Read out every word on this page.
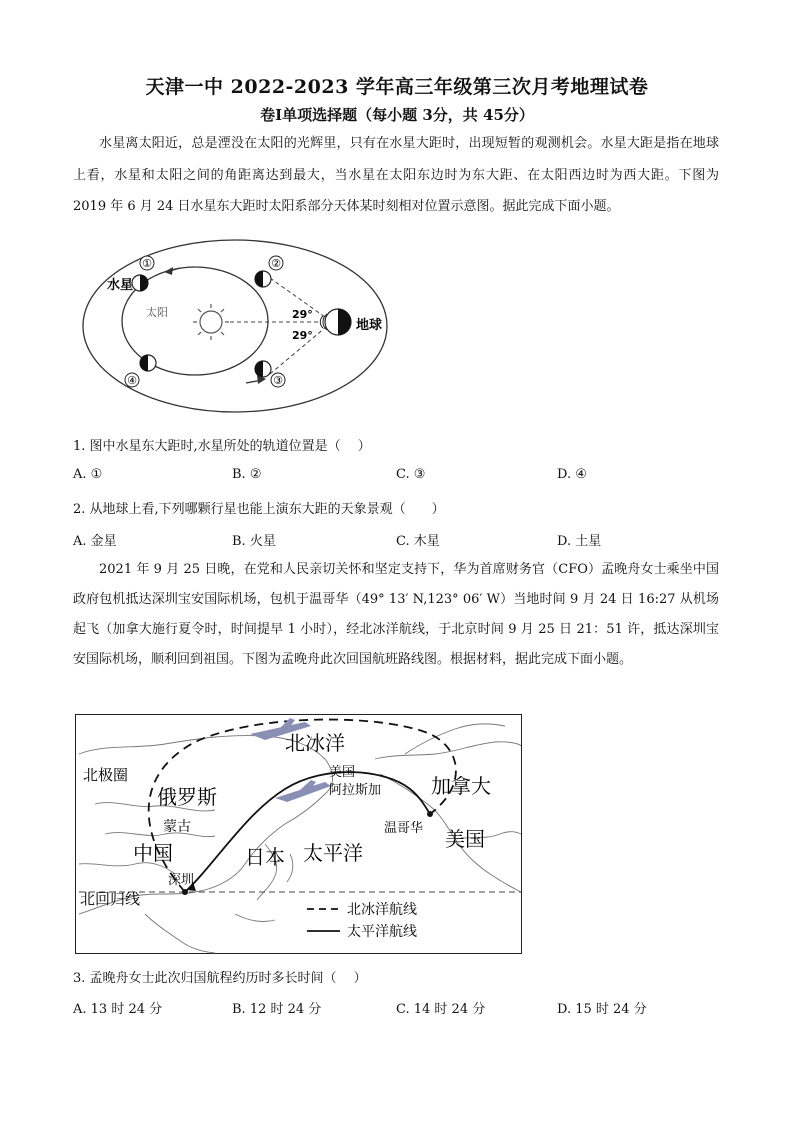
天津一中 2022-2023 学年高三年级第三次月考地理试卷
卷Ⅰ单项选择题（每小题 3分，共 45分）
水星离太阳近，总是湮没在太阳的光辉里，只有在水星大距时，出现短暂的观测机会。水星大距是指在地球上看，水星和太阳之间的角距离达到最大，当水星在太阳东边时为东大距、在太阳西边时为西大距。下图为 2019 年 6 月 24 日水星东大距时太阳系部分天体某时刻相对位置示意图。据此完成下面小题。
太阳
地球
29°
29°
①
水星
②
③
④
1. 图中水星东大距时,水星所处的轨道位置是（　 ）
A. ①	B. ②	C. ③	D. ④
2. 从地球上看,下列哪颗行星也能上演东大距的天象景观（　　）
A. 金星	B. 火星	C. 木星	D. 土星
2021 年 9 月 25 日晚，在党和人民亲切关怀和坚定支持下，华为首席财务官（CFO）孟晚舟女士乘坐中国政府包机抵达深圳宝安国际机场，包机于温哥华（49° 13′ N,123° 06′ W）当地时间 9 月 24 日 16:27 从机场起飞（加拿大施行夏令时，时间提早 1 小时），经北冰洋航线，于北京时间 9 月 25 日 21：51 许，抵达深圳宝安国际机场，顺利回到祖国。下图为孟晚舟此次回国航班路线图。根据材料，据此完成下面小题。
北冰洋
北极圈
俄罗斯
蒙古
中国	日本 太平洋
深圳
北回归线
美国
阿拉斯加 加拿大
温哥华 美国
北冰洋航线
太平洋航线
3. 孟晚舟女士此次归国航程约历时多长时间（　 ）
A. 13 时 24 分	B. 12 时 24 分	C. 14 时 24 分	D. 15 时 24 分
